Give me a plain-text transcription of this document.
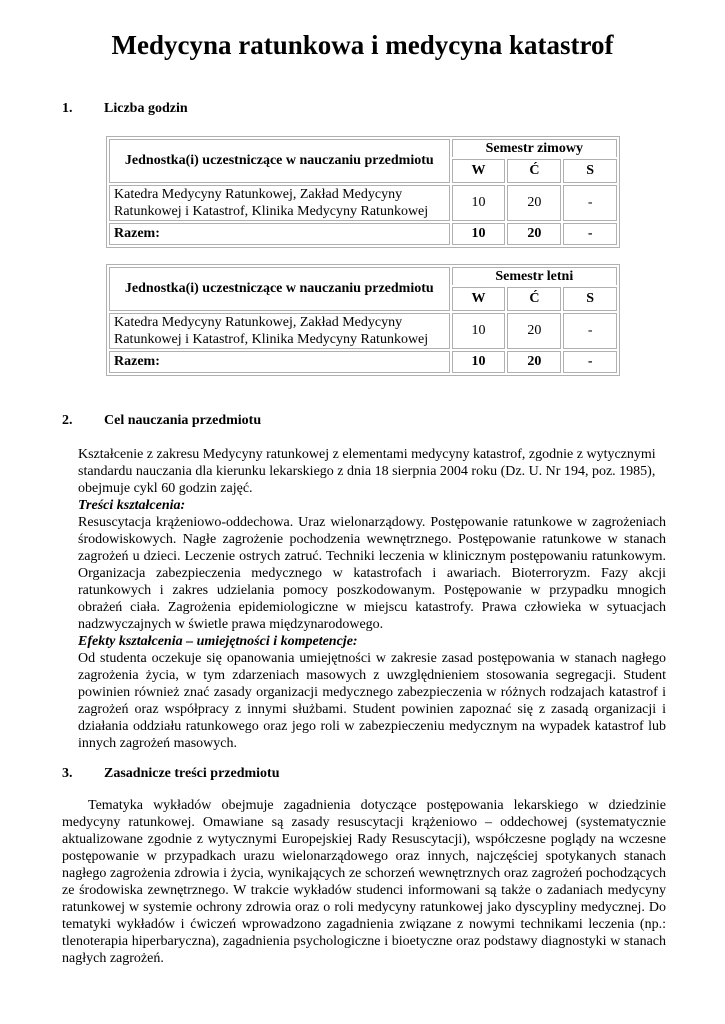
Medycyna ratunkowa i medycyna katastrof
1. Liczba godzin
Jednostka(i) uczestniczące w nauczaniu przedmiotu	Semestr zimowy		
	W	Ć	S
Katedra Medycyny Ratunkowej, Zakład Medycyny Ratunkowej i Katastrof, Klinika Medycyny Ratunkowej	10	20	-
Razem:	10	20	-
Jednostka(i) uczestniczące w nauczaniu przedmiotu	Semestr letni		
	W	Ć	S
Katedra Medycyny Ratunkowej, Zakład Medycyny Ratunkowej i Katastrof, Klinika Medycyny Ratunkowej	10	20	-
Razem:	10	20	-
2. Cel nauczania przedmiotu
Kształcenie z zakresu Medycyny ratunkowej z elementami medycyny katastrof, zgodnie z wytycznymi standardu nauczania dla kierunku lekarskiego z dnia 18 sierpnia 2004 roku (Dz. U. Nr 194, poz. 1985), obejmuje cykl 60 godzin zajęć.
Treści kształcenia:
Resuscytacja krążeniowo-oddechowa. Uraz wielonarządowy. Postępowanie ratunkowe w zagrożeniach środowiskowych. Nagłe zagrożenie pochodzenia wewnętrznego. Postępowanie ratunkowe w stanach zagrożeń u dzieci. Leczenie ostrych zatruć. Techniki leczenia w klinicznym postępowaniu ratunkowym. Organizacja zabezpieczenia medycznego w katastrofach i awariach. Bioterroryzm. Fazy akcji ratunkowych i zakres udzielania pomocy poszkodowanym. Postępowanie w przypadku mnogich obrażeń ciała. Zagrożenia epidemiologiczne w miejscu katastrofy. Prawa człowieka w sytuacjach nadzwyczajnych w świetle prawa międzynarodowego.
Efekty kształcenia – umiejętności i kompetencje:
Od studenta oczekuje się opanowania umiejętności w zakresie zasad postępowania w stanach nagłego zagrożenia życia, w tym zdarzeniach masowych z uwzględnieniem stosowania segregacji. Student powinien również znać zasady organizacji medycznego zabezpieczenia w różnych rodzajach katastrof i zagrożeń oraz współpracy z innymi służbami. Student powinien zapoznać się z zasadą organizacji i działania oddziału ratunkowego oraz jego roli w zabezpieczeniu medycznym na wypadek katastrof lub innych zagrożeń masowych.
3. Zasadnicze treści przedmiotu

Tematyka wykładów obejmuje zagadnienia dotyczące postępowania lekarskiego w dziedzinie medycyny ratunkowej. Omawiane są zasady resuscytacji krążeniowo – oddechowej (systematycznie aktualizowane zgodnie z wytycznymi Europejskiej Rady Resuscytacji), współczesne poglądy na wczesne postępowanie w przypadkach urazu wielonarządowego oraz innych, najczęściej spotykanych stanach nagłego zagrożenia zdrowia i życia, wynikających ze schorzeń wewnętrznych oraz zagrożeń pochodzących ze środowiska zewnętrznego. W trakcie wykładów studenci informowani są także o zadaniach medycyny ratunkowej w systemie ochrony zdrowia oraz o roli medycyny ratunkowej jako dyscypliny medycznej. Do tematyki wykładów i ćwiczeń wprowadzono zagadnienia związane z nowymi technikami leczenia (np.: tlenoterapia hiperbaryczna), zagadnienia psychologiczne i bioetyczne oraz podstawy diagnostyki w stanach nagłych zagrożeń.
